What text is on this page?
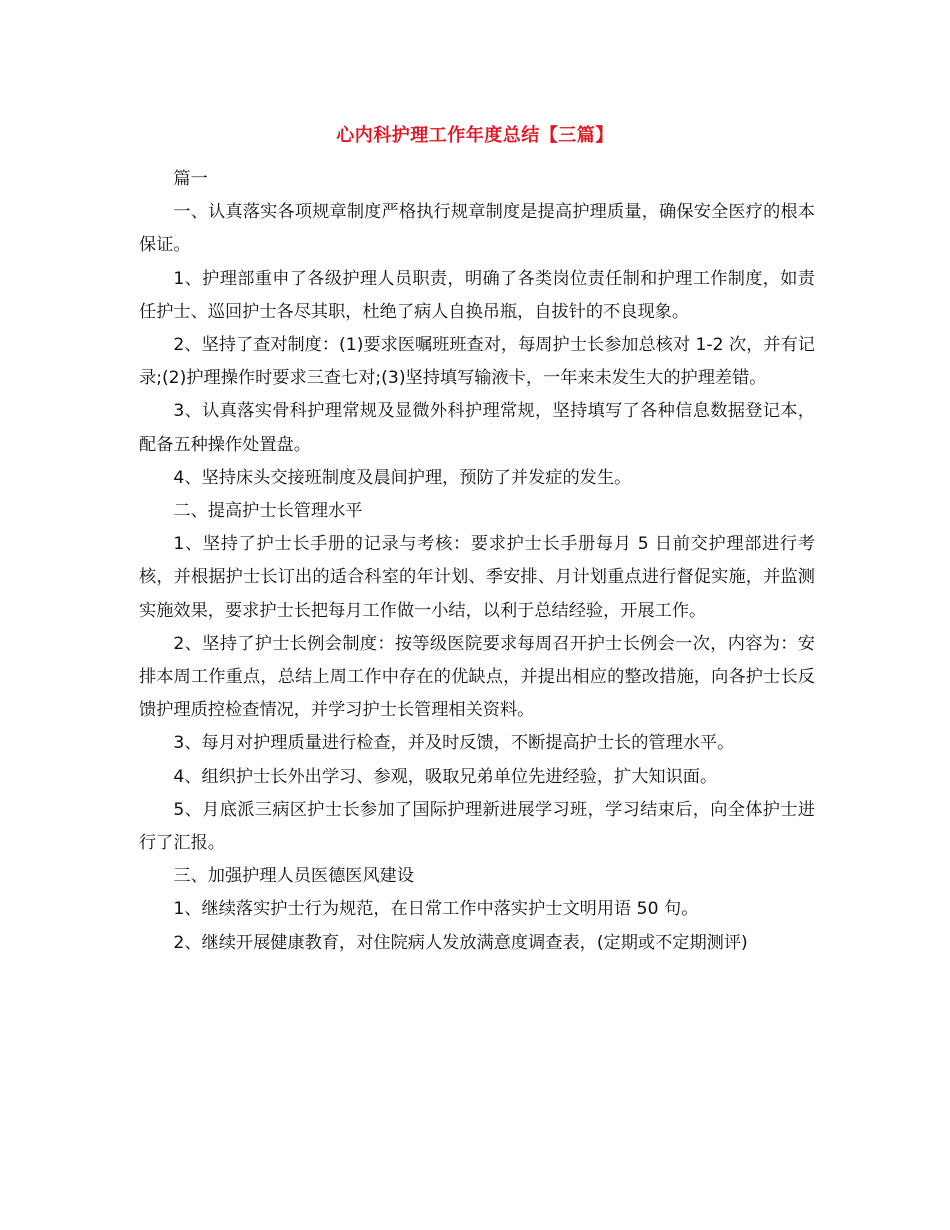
心内科护理工作年度总结【三篇】

篇一

一、认真落实各项规章制度严格执行规章制度是提高护理质量，确保安全医疗的根本保证。

1、护理部重申了各级护理人员职责，明确了各类岗位责任制和护理工作制度，如责任护士、巡回护士各尽其职，杜绝了病人自换吊瓶，自拔针的不良现象。

2、坚持了查对制度：(1)要求医嘱班班查对，每周护士长参加总核对 1-2 次，并有记录;(2)护理操作时要求三查七对;(3)坚持填写输液卡，一年来未发生大的护理差错。

3、认真落实骨科护理常规及显微外科护理常规，坚持填写了各种信息数据登记本，配备五种操作处置盘。

4、坚持床头交接班制度及晨间护理，预防了并发症的发生。

二、提高护士长管理水平

1、坚持了护士长手册的记录与考核：要求护士长手册每月 5 日前交护理部进行考核，并根据护士长订出的适合科室的年计划、季安排、月计划重点进行督促实施，并监测实施效果，要求护士长把每月工作做一小结，以利于总结经验，开展工作。

2、坚持了护士长例会制度：按等级医院要求每周召开护士长例会一次，内容为：安排本周工作重点，总结上周工作中存在的优缺点，并提出相应的整改措施，向各护士长反馈护理质控检查情况，并学习护士长管理相关资料。

3、每月对护理质量进行检查，并及时反馈，不断提高护士长的管理水平。

4、组织护士长外出学习、参观，吸取兄弟单位先进经验，扩大知识面。

5、月底派三病区护士长参加了国际护理新进展学习班，学习结束后，向全体护士进行了汇报。

三、加强护理人员医德医风建设

1、继续落实护士行为规范，在日常工作中落实护士文明用语 50 句。

2、继续开展健康教育，对住院病人发放满意度调查表，(定期或不定期测评)
